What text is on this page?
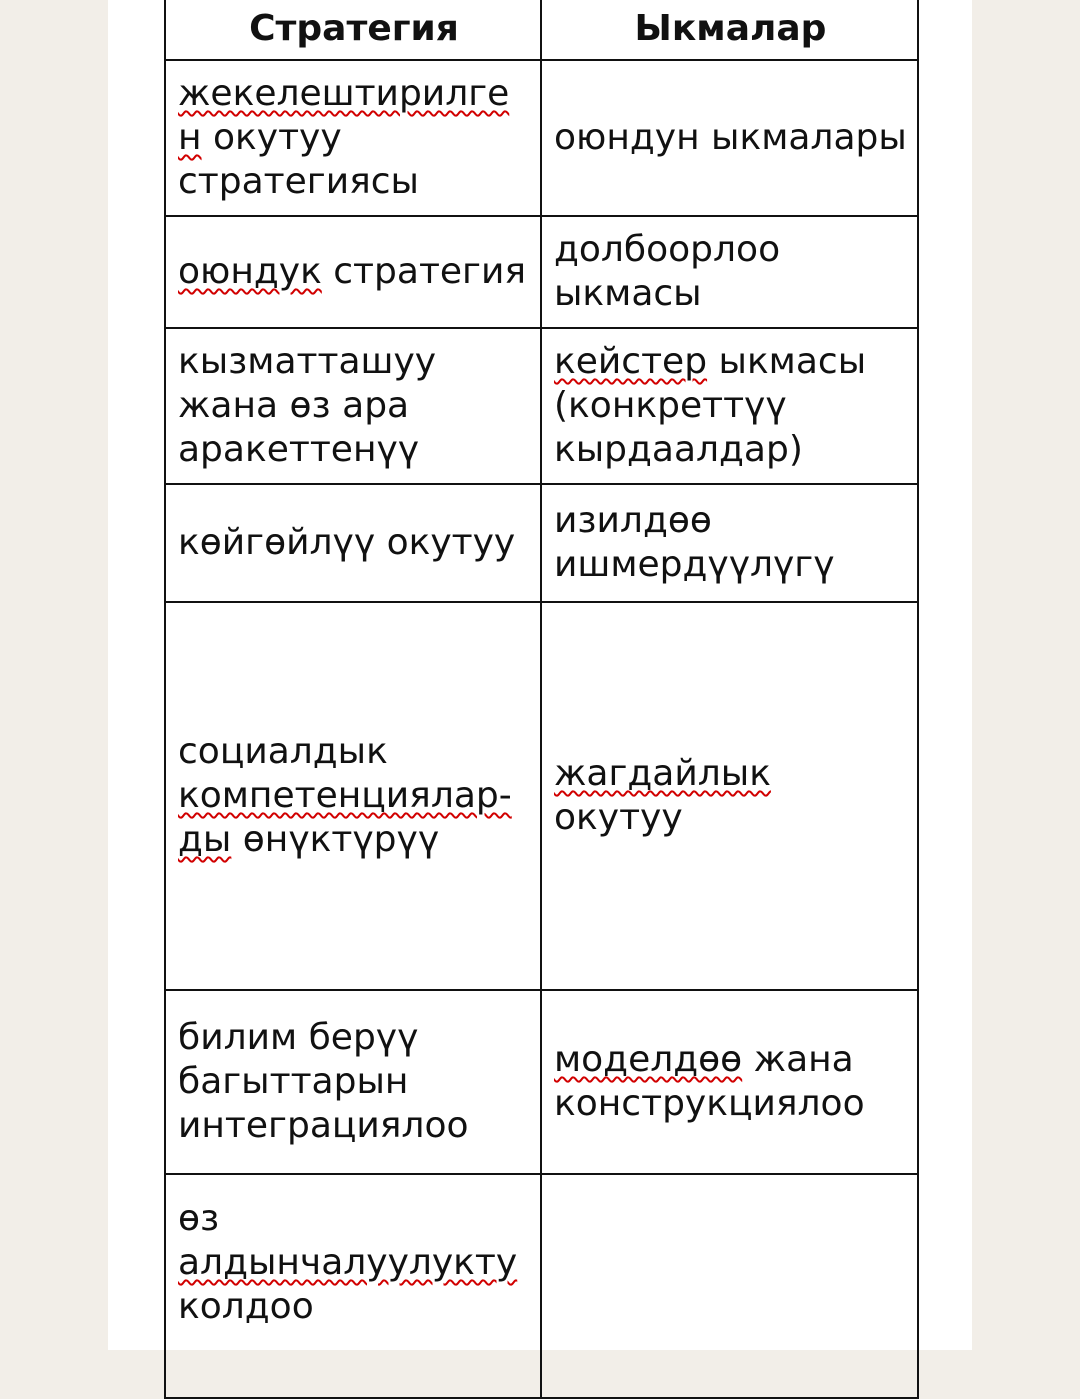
Стратегия	Ыкмалар

жекелештирилген окутуу стратегиясы	оюндун ыкмалары

оюндук стратегия	долбоорлоо ыкмасы

кызматташуу жана өз ара аракеттенүү	кейстер ыкмасы (конкреттүү кырдаалдар)

көйгөйлүү окутуу	изилдөө ишмердүүлүгү

социалдык компетенциялар-ды өнүктүрүү	жагдайлык окутуу

билим берүү багыттарын интеграциялоо	моделдөө жана конструкциялоо

өз алдынчалуулукту колдоо	
